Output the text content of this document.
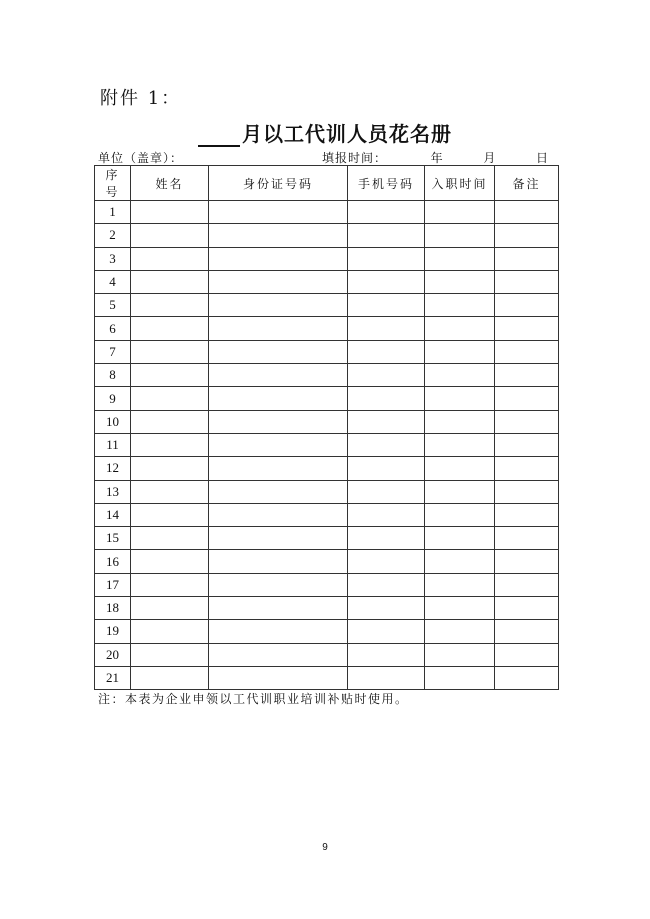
附件 1：
月以工代训人员花名册
单位（盖章）：	填报时间：	年	月	日
序
号	姓名	身份证号码	手机号码	入职时间	备注
1					
2					
3					
4					
5					
6					
7					
8					
9					
10					
11					
12					
13					
14					
15					
16					
17					
18					
19					
20					
21					
注：本表为企业申领以工代训职业培训补贴时使用。
9
